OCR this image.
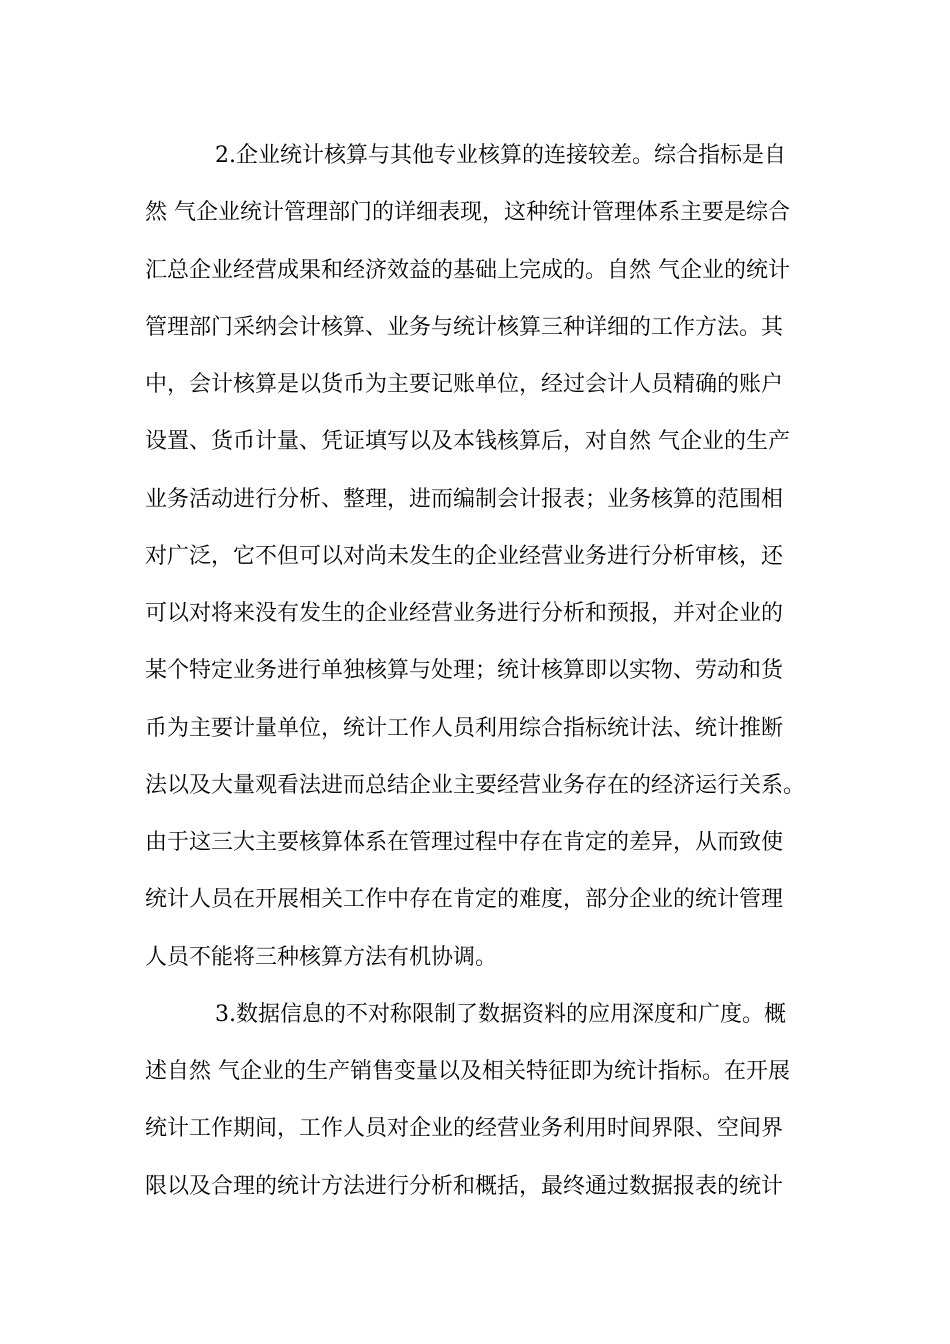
2.企业统计核算与其他专业核算的连接较差。综合指标是自
然 气企业统计管理部门的详细表现，这种统计管理体系主要是综合
汇总企业经营成果和经济效益的基础上完成的。自然 气企业的统计
管理部门采纳会计核算、业务与统计核算三种详细的工作方法。其
中，会计核算是以货币为主要记账单位，经过会计人员精确的账户
设置、货币计量、凭证填写以及本钱核算后，对自然 气企业的生产
业务活动进行分析、整理，进而编制会计报表；业务核算的范围相
对广泛，它不但可以对尚未发生的企业经营业务进行分析审核，还
可以对将来没有发生的企业经营业务进行分析和预报，并对企业的
某个特定业务进行单独核算与处理；统计核算即以实物、劳动和货
币为主要计量单位，统计工作人员利用综合指标统计法、统计推断
法以及大量观看法进而总结企业主要经营业务存在的经济运行关系。
由于这三大主要核算体系在管理过程中存在肯定的差异，从而致使
统计人员在开展相关工作中存在肯定的难度，部分企业的统计管理
人员不能将三种核算方法有机协调。
3.数据信息的不对称限制了数据资料的应用深度和广度。概
述自然 气企业的生产销售变量以及相关特征即为统计指标。在开展
统计工作期间，工作人员对企业的经营业务利用时间界限、空间界
限以及合理的统计方法进行分析和概括，最终通过数据报表的统计
